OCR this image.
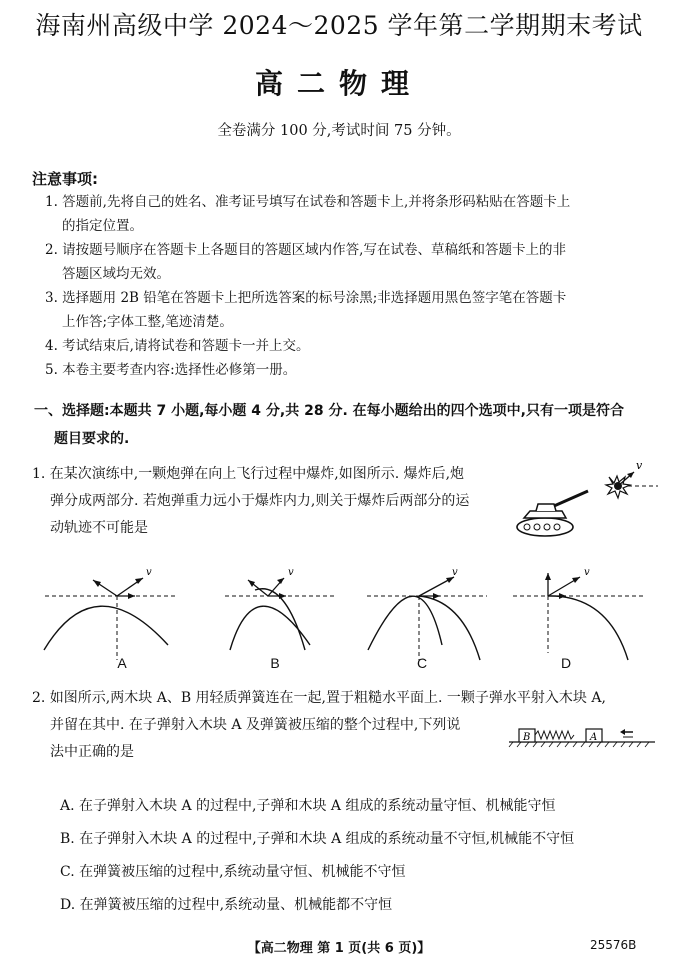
海南州高级中学 2024～2025 学年第二学期期末考试
高二物理
全卷满分 100 分,考试时间 75 分钟。
注意事项:
1. 答题前,先将自己的姓名、准考证号填写在试卷和答题卡上,并将条形码粘贴在答题卡上
的指定位置。
2. 请按题号顺序在答题卡上各题目的答题区域内作答,写在试卷、草稿纸和答题卡上的非
答题区域均无效。
3. 选择题用 2B 铅笔在答题卡上把所选答案的标号涂黑;非选择题用黑色签字笔在答题卡
上作答;字体工整,笔迹清楚。
4. 考试结束后,请将试卷和答题卡一并上交。
5. 本卷主要考查内容:选择性必修第一册。
一、选择题:本题共 7 小题,每小题 4 分,共 28 分. 在每小题给出的四个选项中,只有一项是符合
题目要求的.
1. 在某次演练中,一颗炮弹在向上飞行过程中爆炸,如图所示. 爆炸后,炮
弹分成两部分. 若炮弹重力远小于爆炸内力,则关于爆炸后两部分的运
动轨迹不可能是
v
v
A
v
B
v
C
v
D
2. 如图所示,两木块 A、B 用轻质弹簧连在一起,置于粗糙水平面上. 一颗子弹水平射入木块 A,
并留在其中. 在子弹射入木块 A 及弹簧被压缩的整个过程中,下列说
法中正确的是
B	A
A. 在子弹射入木块 A 的过程中,子弹和木块 A 组成的系统动量守恒、机械能守恒
B. 在子弹射入木块 A 的过程中,子弹和木块 A 组成的系统动量不守恒,机械能不守恒
C. 在弹簧被压缩的过程中,系统动量守恒、机械能不守恒
D. 在弹簧被压缩的过程中,系统动量、机械能都不守恒
【高二物理 第 1 页(共 6 页)】	25576B
